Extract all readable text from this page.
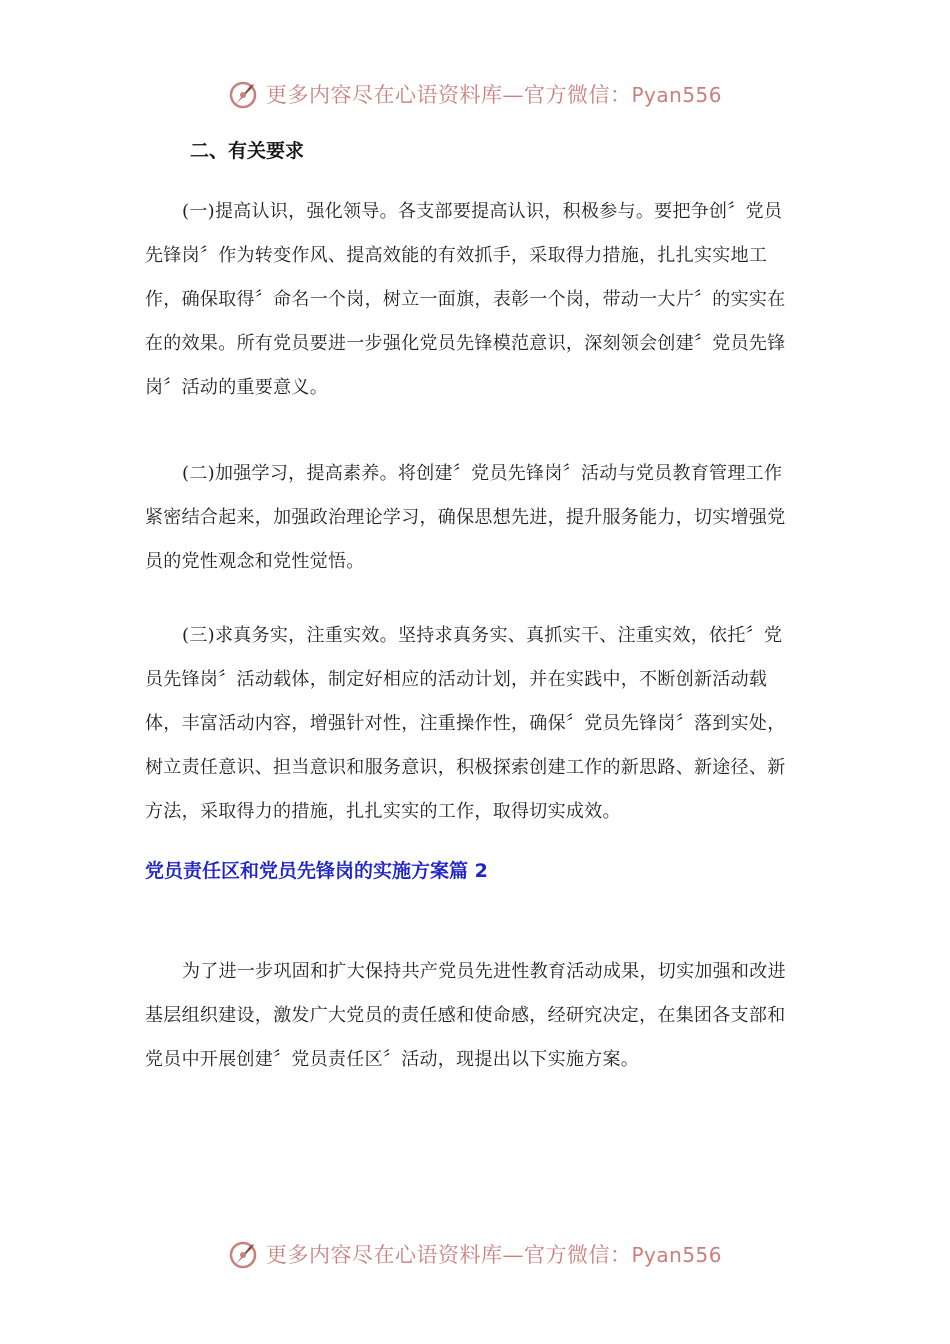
更多内容尽在心语资料库—官方微信：Pyan556
二、有关要求

(一)提高认识，强化领导。各支部要提高认识，积极参与。要把争创〞党员先锋岗〞作为转变作风、提高效能的有效抓手，采取得力措施，扎扎实实地工作，确保取得〞命名一个岗，树立一面旗，表彰一个岗，带动一大片〞的实实在在的效果。所有党员要进一步强化党员先锋模范意识，深刻领会创建〞党员先锋岗〞活动的重要意义。

(二)加强学习，提高素养。将创建〞党员先锋岗〞活动与党员教育管理工作紧密结合起来，加强政治理论学习，确保思想先进，提升服务能力，切实增强党员的党性观念和党性觉悟。

(三)求真务实，注重实效。坚持求真务实、真抓实干、注重实效，依托〞党员先锋岗〞活动载体，制定好相应的活动计划，并在实践中，不断创新活动载体，丰富活动内容，增强针对性，注重操作性，确保〞党员先锋岗〞落到实处，树立责任意识、担当意识和服务意识，积极探索创建工作的新思路、新途径、新方法，采取得力的措施，扎扎实实的工作，取得切实成效。

党员责任区和党员先锋岗的实施方案篇 2

为了进一步巩固和扩大保持共产党员先进性教育活动成果，切实加强和改进基层组织建设，激发广大党员的责任感和使命感，经研究决定，在集团各支部和党员中开展创建〞党员责任区〞活动，现提出以下实施方案。

更多内容尽在心语资料库—官方微信：Pyan556
